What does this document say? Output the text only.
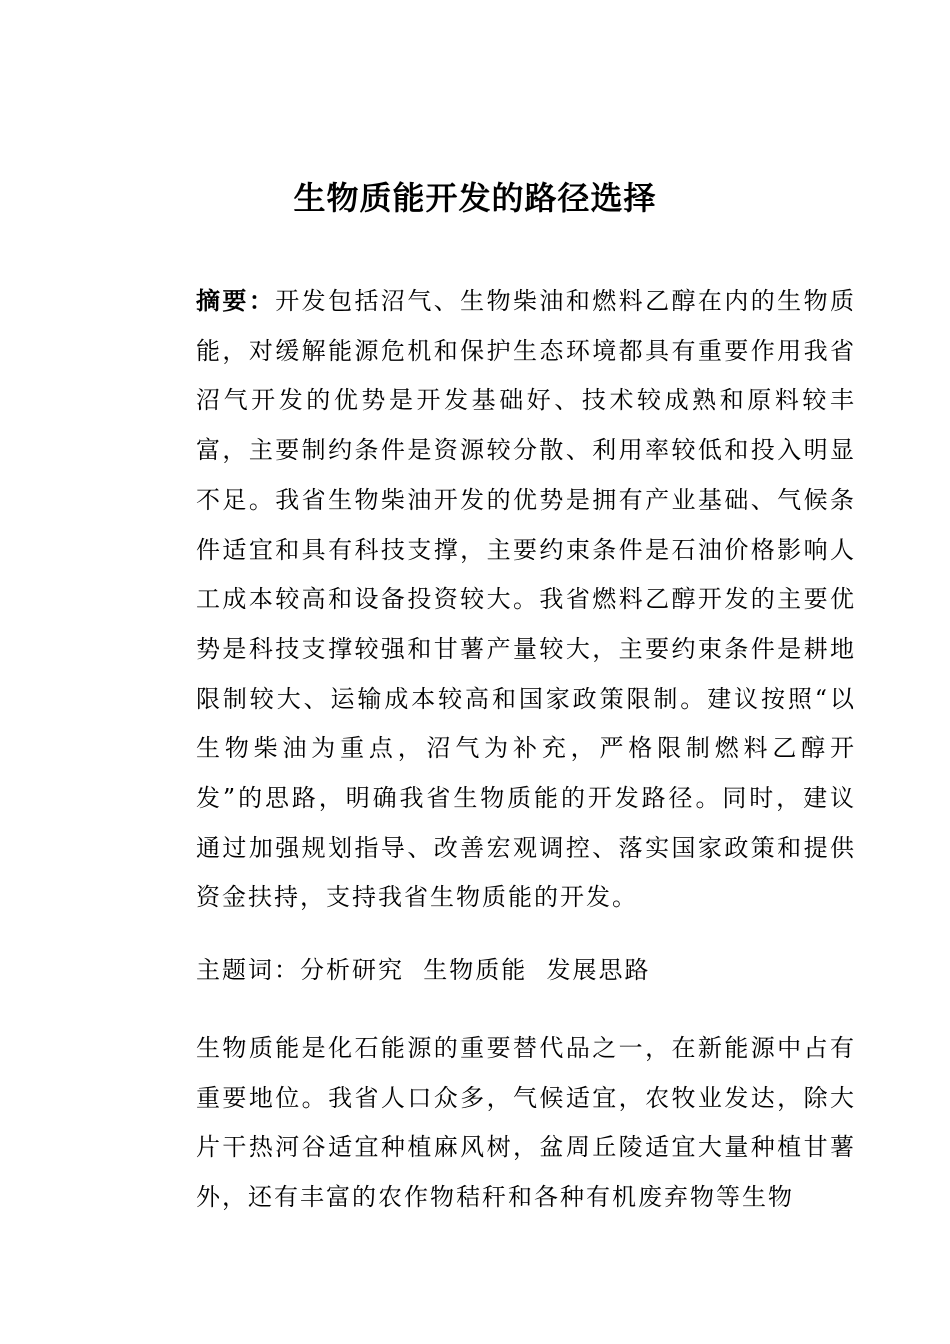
生物质能开发的路径选择

摘要：开发包括沼气、生物柴油和燃料乙醇在内的生物质能，对缓解能源危机和保护生态环境都具有重要作用我省沼气开发的优势是开发基础好、技术较成熟和原料较丰富，主要制约条件是资源较分散、利用率较低和投入明显不足。我省生物柴油开发的优势是拥有产业基础、气候条件适宜和具有科技支撑，主要约束条件是石油价格影响人工成本较高和设备投资较大。我省燃料乙醇开发的主要优势是科技支撑较强和甘薯产量较大，主要约束条件是耕地限制较大、运输成本较高和国家政策限制。建议按照“以生物柴油为重点，沼气为补充，严格限制燃料乙醇开发”的思路，明确我省生物质能的开发路径。同时，建议通过加强规划指导、改善宏观调控、落实国家政策和提供资金扶持，支持我省生物质能的开发。

主题词：分析研究  生物质能  发展思路

生物质能是化石能源的重要替代品之一，在新能源中占有重要地位。我省人口众多，气候适宜，农牧业发达，除大片干热河谷适宜种植麻风树，盆周丘陵适宜大量种植甘薯外，还有丰富的农作物秸秆和各种有机废弃物等生物
